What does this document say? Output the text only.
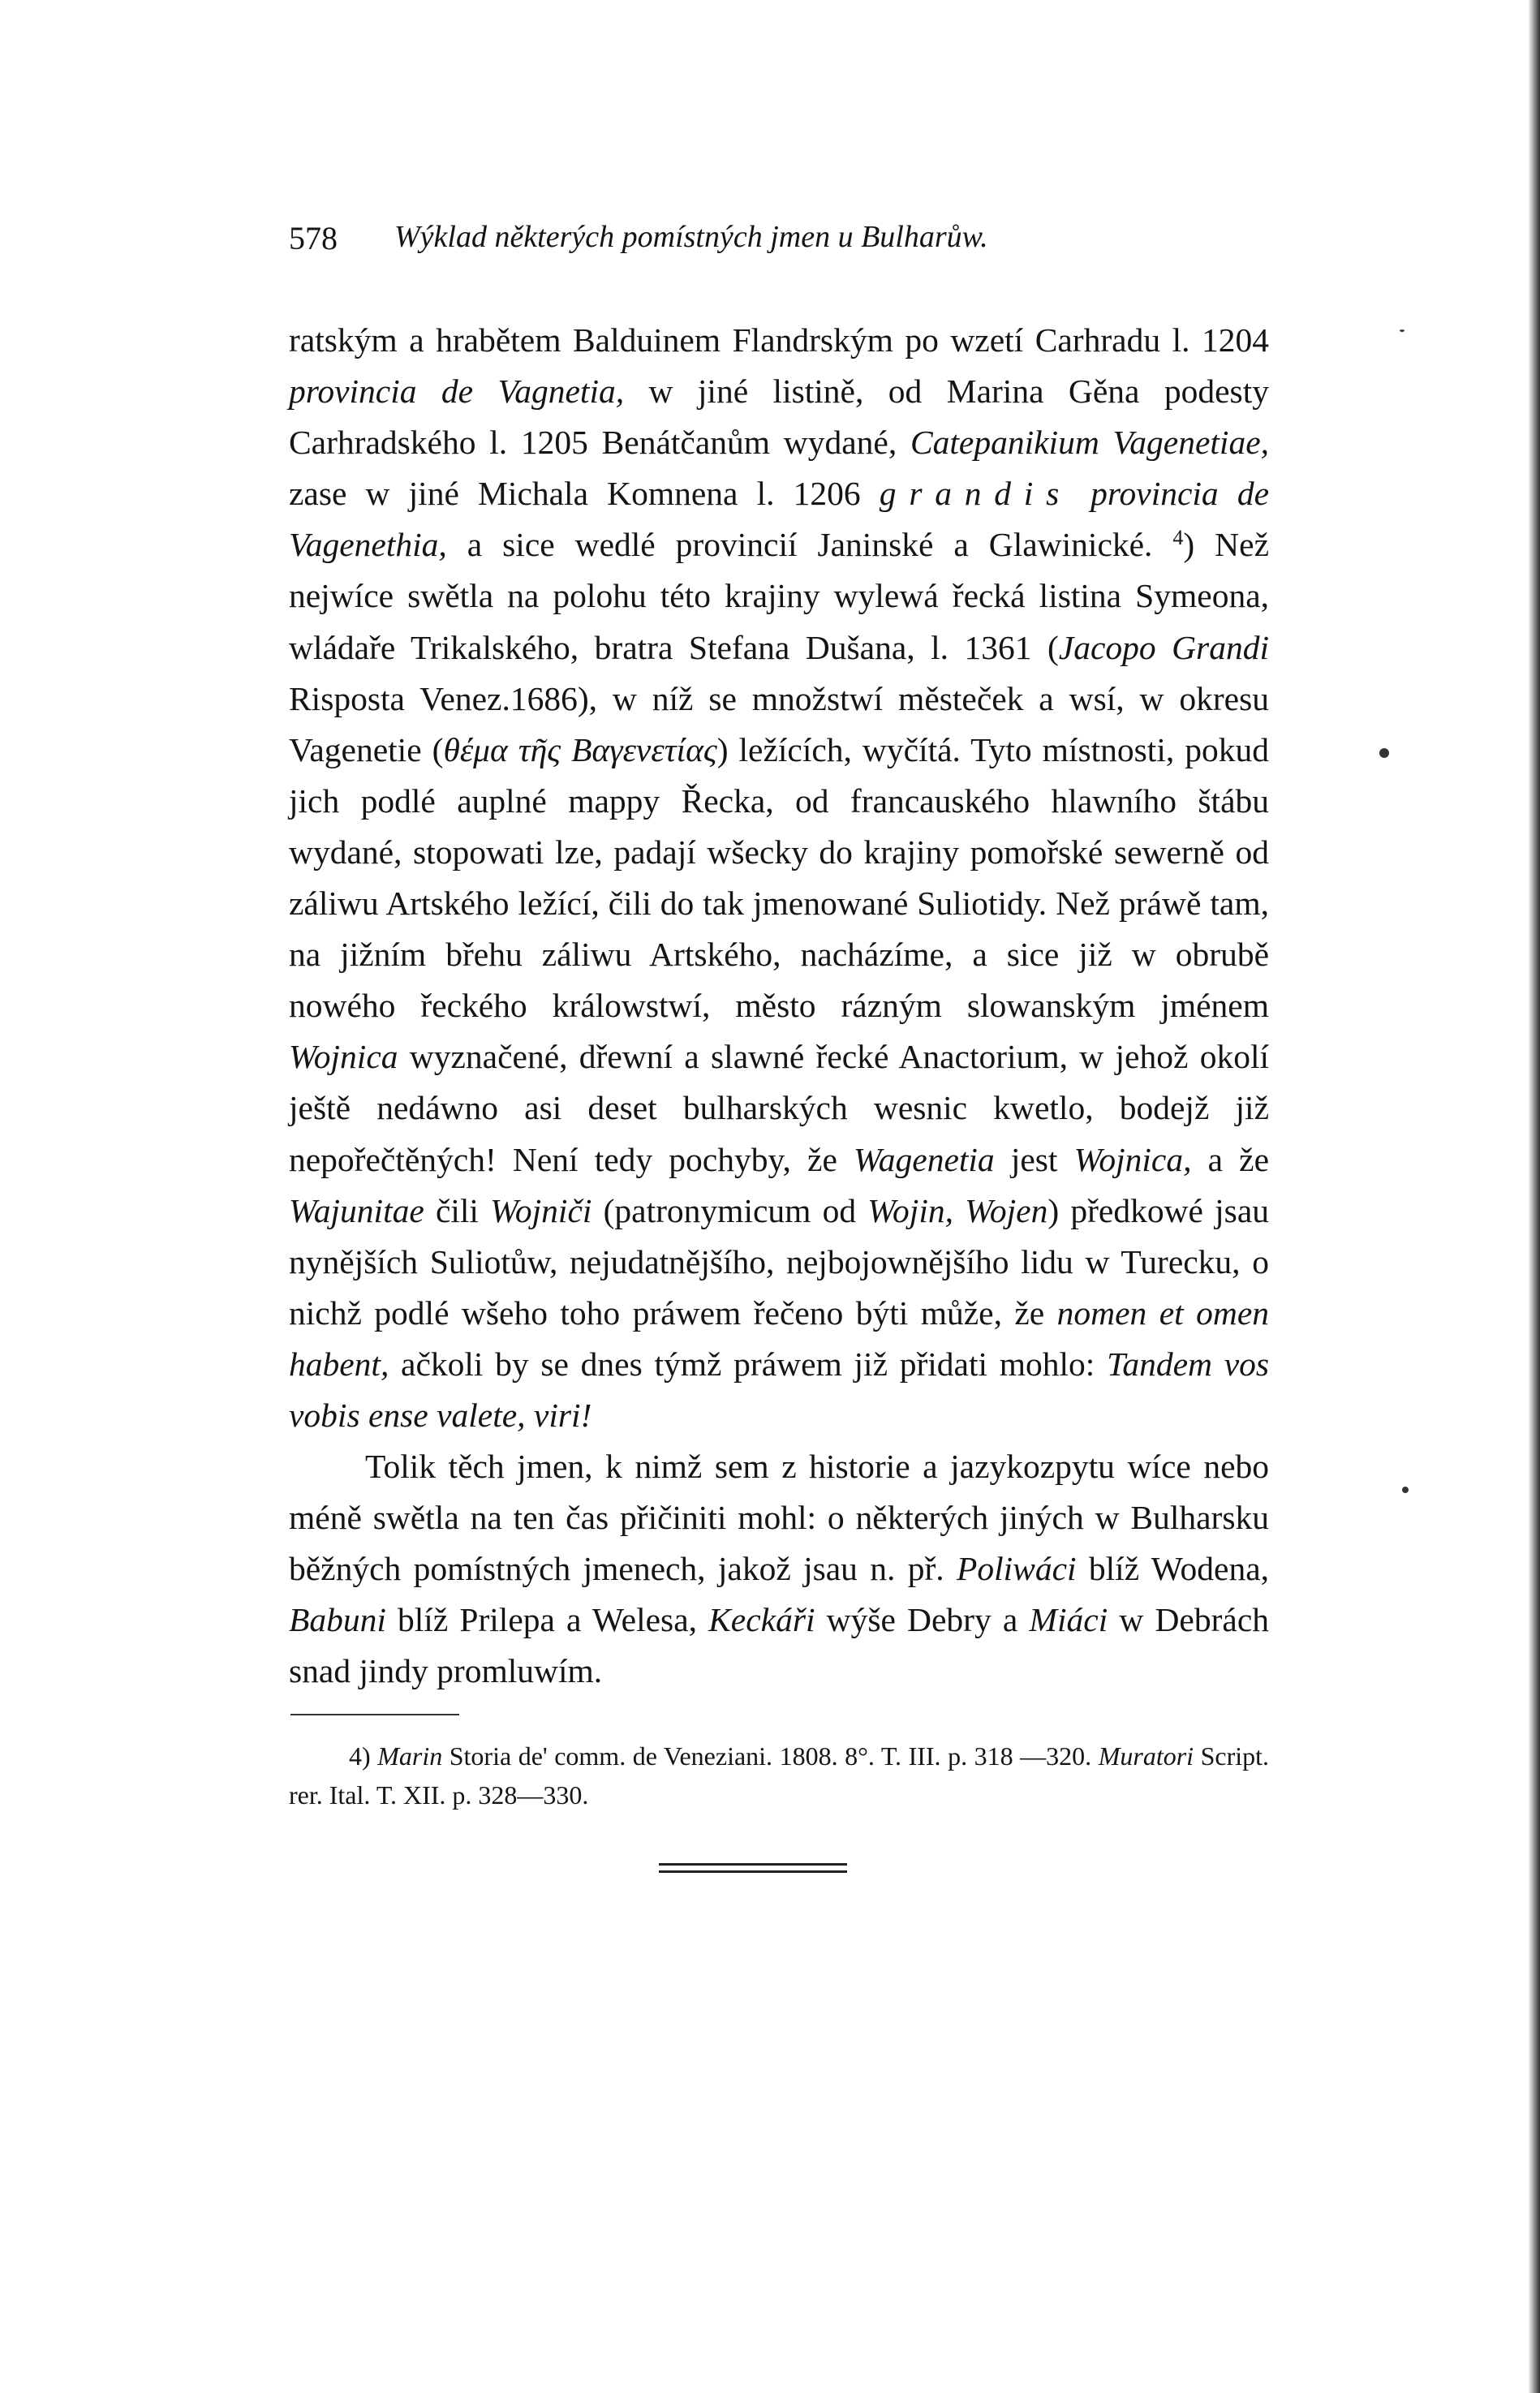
578 Wýklad některých pomístných jmen u Bulharůw.

ratským a hrabětem Balduinem Flandrským po wzetí Carhradu l. 1204 provincia de Vagnetia, w jiné listině, od Marina Gěna podesty Carhradského l. 1205 Benátčanům wydané, Catepanikium Vagenetiae, zase w jiné Michala Komnena l. 1206 grandis provincia de Vagenethia, a sice wedlé provincií Janinské a Glawinické. $^4$) Než nejwíce swětla na polohu této krajiny wylewá řecká listina Symeona, wládaře Trikalského, bratra Stefana Dušana, l. 1361 (Jacopo Grandi Risposta Venez.1686), w níž se množstwí městeček a wsí, w okresu Vagenetie (θέμα τῆς Βαγενετίας) ležících, wyčítá. Tyto místnosti, pokud jich podlé auplné mappy Řecka, od francauského hlawního štábu wydané, stopowati lze, padají wšecky do krajiny pomořské sewerně od záliwu Artského ležící, čili do tak jmenowané Suliotidy. Než práwě tam, na jižním břehu záliwu Artského, nacházíme, a sice již w obrubě nowého řeckého králowstwí, město rázným slowanským jménem Wojnica wyznačené, dřewní a slawné řecké Anactorium, w jehož okolí ještě nedáwno asi deset bulharských wesnic kwetlo, bodejž již nepořečtěných! Není tedy pochyby, že Wagenetia jest Wojnica, a že Wajunitae čili Wojniči (patronymicum od Wojin, Wojen) předkowé jsau nynějších Suliotůw, nejudatnějšího, nejbojownějšího lidu w Turecku, o nichž podlé wšeho toho práwem řečeno býti může, že nomen et omen habent, ačkoli by se dnes týmž práwem již přidati mohlo: Tandem vos vobis ense valete, viri!

Tolik těch jmen, k nimž sem z historie a jazykozpytu wíce nebo méně swětla na ten čas přičiniti mohl: o některých jiných w Bulharsku běžných pomístných jmenech, jakož jsau n. př. Poliwáci blíž Wodena, Babuni blíž Prilepa a Welesa, Keckáři wýše Debry a Miáci w Debrách snad jindy promluwím.

4) Marin Storia de' comm. de Veneziani. 1808. 8°. T. III. p. 318 —320. Muratori Script. rer. Ital. T. XII. p. 328—330.
